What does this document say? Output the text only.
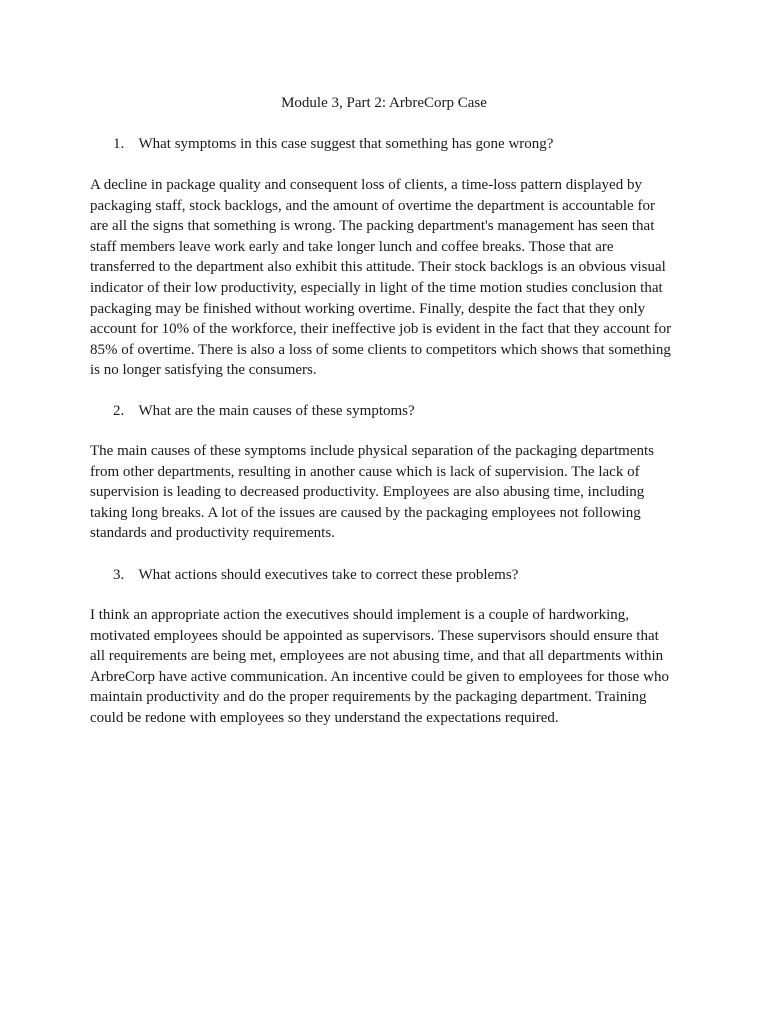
Module 3, Part 2: ArbreCorp Case
1. What symptoms in this case suggest that something has gone wrong?
A decline in package quality and consequent loss of clients, a time-loss pattern displayed by
packaging staff, stock backlogs, and the amount of overtime the department is accountable for
are all the signs that something is wrong. The packing department's management has seen that
staff members leave work early and take longer lunch and coffee breaks. Those that are
transferred to the department also exhibit this attitude. Their stock backlogs is an obvious visual
indicator of their low productivity, especially in light of the time motion studies conclusion that
packaging may be finished without working overtime. Finally, despite the fact that they only
account for 10% of the workforce, their ineffective job is evident in the fact that they account for
85% of overtime. There is also a loss of some clients to competitors which shows that something
is no longer satisfying the consumers.
2. What are the main causes of these symptoms?
The main causes of these symptoms include physical separation of the packaging departments
from other departments, resulting in another cause which is lack of supervision. The lack of
supervision is leading to decreased productivity. Employees are also abusing time, including
taking long breaks. A lot of the issues are caused by the packaging employees not following
standards and productivity requirements.
3. What actions should executives take to correct these problems?
I think an appropriate action the executives should implement is a couple of hardworking,
motivated employees should be appointed as supervisors. These supervisors should ensure that
all requirements are being met, employees are not abusing time, and that all departments within
ArbreCorp have active communication. An incentive could be given to employees for those who
maintain productivity and do the proper requirements by the packaging department. Training
could be redone with employees so they understand the expectations required.
